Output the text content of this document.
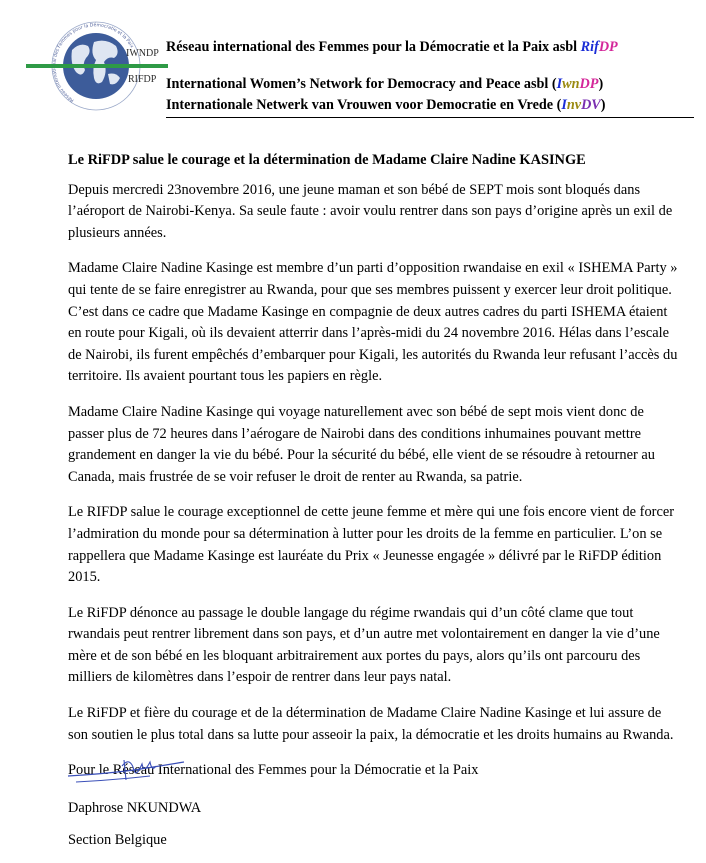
Réseau internati al des Femmes pour la Démocratie et la Paix
IWNDP
RIFDP
Réseau international des Femmes pour la Démocratie et la Paix asbl RifDP
International Women’s Network for Democracy and Peace asbl (IwnDP)
Internationale Netwerk van Vrouwen voor Democratie en Vrede (InvDV)

Le RiFDP salue le courage et la détermination de Madame Claire Nadine KASINGE

Depuis mercredi 23novembre 2016, une jeune maman et son bébé de SEPT mois sont bloqués dans l’aéroport de Nairobi-Kenya. Sa seule faute : avoir voulu rentrer dans son pays d’origine après un exil de plusieurs années.

Madame Claire Nadine Kasinge est membre d’un parti d’opposition rwandaise en exil « ISHEMA Party » qui tente de se faire enregistrer au Rwanda, pour que ses membres puissent y exercer leur droit politique. C’est dans ce cadre que Madame Kasinge en compagnie de deux autres cadres du parti ISHEMA étaient en route pour Kigali, où ils devaient atterrir dans l’après-midi du 24 novembre 2016. Hélas dans l’escale de Nairobi, ils furent empêchés d’embarquer pour Kigali, les autorités du Rwanda leur refusant l’accès du territoire. Ils avaient pourtant tous les papiers en règle.

Madame Claire Nadine Kasinge qui voyage naturellement avec son bébé de sept mois vient donc de passer plus de 72 heures dans l’aérogare de Nairobi dans des conditions inhumaines pouvant mettre grandement en danger la vie du bébé. Pour la sécurité du bébé, elle vient de se résoudre à retourner au Canada, mais frustrée de se voir refuser le droit de renter au Rwanda, sa patrie.

Le RIFDP salue le courage exceptionnel de cette jeune femme et mère qui une fois encore vient de forcer l’admiration du monde pour sa détermination à lutter pour les droits de la femme en particulier. L’on se rappellera que Madame Kasinge est lauréate du Prix « Jeunesse engagée » délivré par le RiFDP édition 2015.

Le RiFDP dénonce au passage le double langage du régime rwandais qui d’un côté clame que tout rwandais peut rentrer librement dans son pays, et d’un autre met volontairement en danger la vie d’une mère et de son bébé en les bloquant arbitrairement aux portes du pays, alors qu’ils ont parcouru des milliers de kilomètres dans l’espoir de rentrer dans leur pays natal.

Le RiFDP et fière du courage et de la détermination de Madame Claire Nadine Kasinge et lui assure de son soutien le plus total dans sa lutte pour asseoir la paix, la démocratie et les droits humains au Rwanda.

Pour le Réseau International des Femmes pour la Démocratie et la Paix

Daphrose NKUNDWA
Section Belgique
